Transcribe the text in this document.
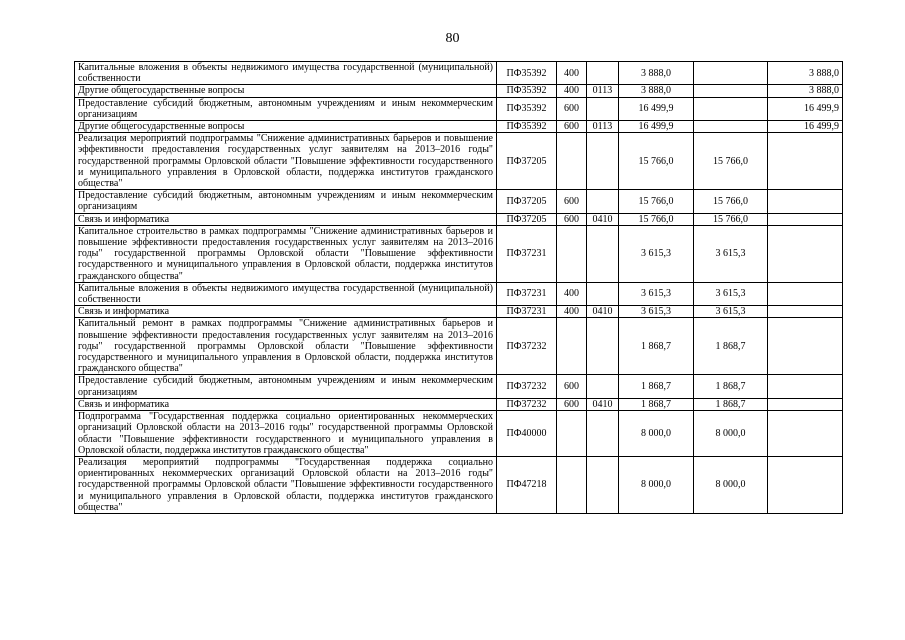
80
Капитальные вложения в объекты недвижимого имущества государственной (муниципальной) собственности	ПФ35392	400		3 888,0		3 888,0
Другие общегосударственные вопросы	ПФ35392	400	0113	3 888,0		3 888,0
Предоставление субсидий бюджетным, автономным учреждениям и иным некоммерческим организациям	ПФ35392	600		16 499,9		16 499,9
Другие общегосударственные вопросы	ПФ35392	600	0113	16 499,9		16 499,9
Реализация мероприятий подпрограммы "Снижение административных барьеров и повышение эффективности предоставления государственных услуг заявителям на 2013–2016 годы" государственной программы Орловской области "Повышение эффективности государственного и муниципального управления в Орловской области, поддержка институтов гражданского общества"	ПФ37205			15 766,0	15 766,0	
Предоставление субсидий бюджетным, автономным учреждениям и иным некоммерческим организациям	ПФ37205	600		15 766,0	15 766,0	
Связь и информатика	ПФ37205	600	0410	15 766,0	15 766,0	
Капитальное строительство в рамках подпрограммы "Снижение административных барьеров и повышение эффективности предоставления государственных услуг заявителям на 2013–2016 годы" государственной программы Орловской области "Повышение эффективности государственного и муниципального управления в Орловской области, поддержка институтов гражданского общества"	ПФ37231			3 615,3	3 615,3	
Капитальные вложения в объекты недвижимого имущества государственной (муниципальной) собственности	ПФ37231	400		3 615,3	3 615,3	
Связь и информатика	ПФ37231	400	0410	3 615,3	3 615,3	
Капитальный ремонт в рамках подпрограммы "Снижение административных барьеров и повышение эффективности предоставления государственных услуг заявителям на 2013–2016 годы" государственной программы Орловской области "Повышение эффективности государственного и муниципального управления в Орловской области, поддержка институтов гражданского общества"	ПФ37232			1 868,7	1 868,7	
Предоставление субсидий бюджетным, автономным учреждениям и иным некоммерческим организациям	ПФ37232	600		1 868,7	1 868,7	
Связь и информатика	ПФ37232	600	0410	1 868,7	1 868,7	
Подпрограмма "Государственная поддержка социально ориентированных некоммерческих организаций Орловской области на 2013–2016 годы" государственной программы Орловской области "Повышение эффективности государственного и муниципального управления в Орловской области, поддержка институтов гражданского общества"	ПФ40000			8 000,0	8 000,0	
Реализация мероприятий подпрограммы "Государственная поддержка социально ориентированных некоммерческих организаций Орловской области на 2013–2016 годы" государственной программы Орловской области "Повышение эффективности государственного и муниципального управления в Орловской области, поддержка институтов гражданского общества"	ПФ47218			8 000,0	8 000,0	
